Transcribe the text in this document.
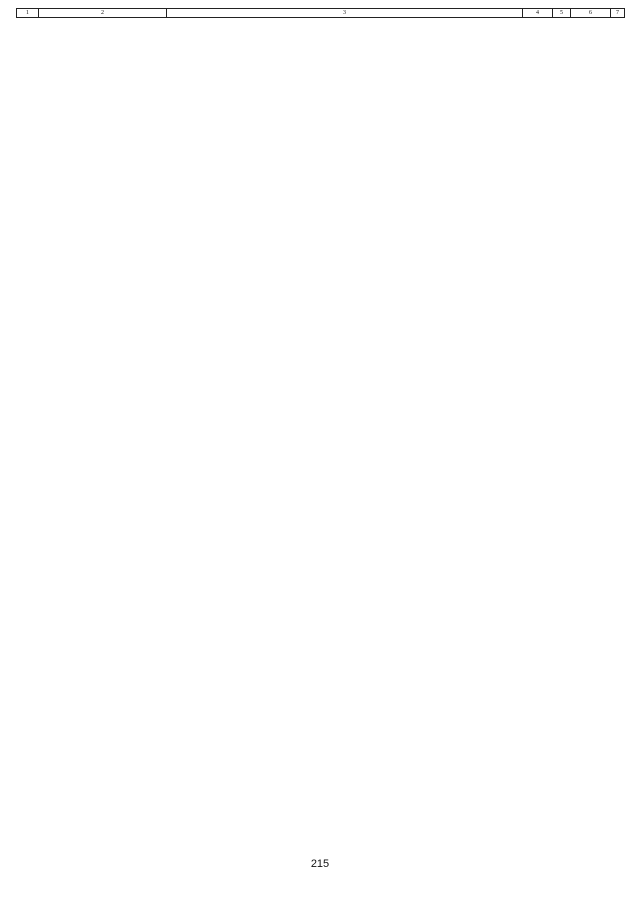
1	2	3	4	5	6	7
215
